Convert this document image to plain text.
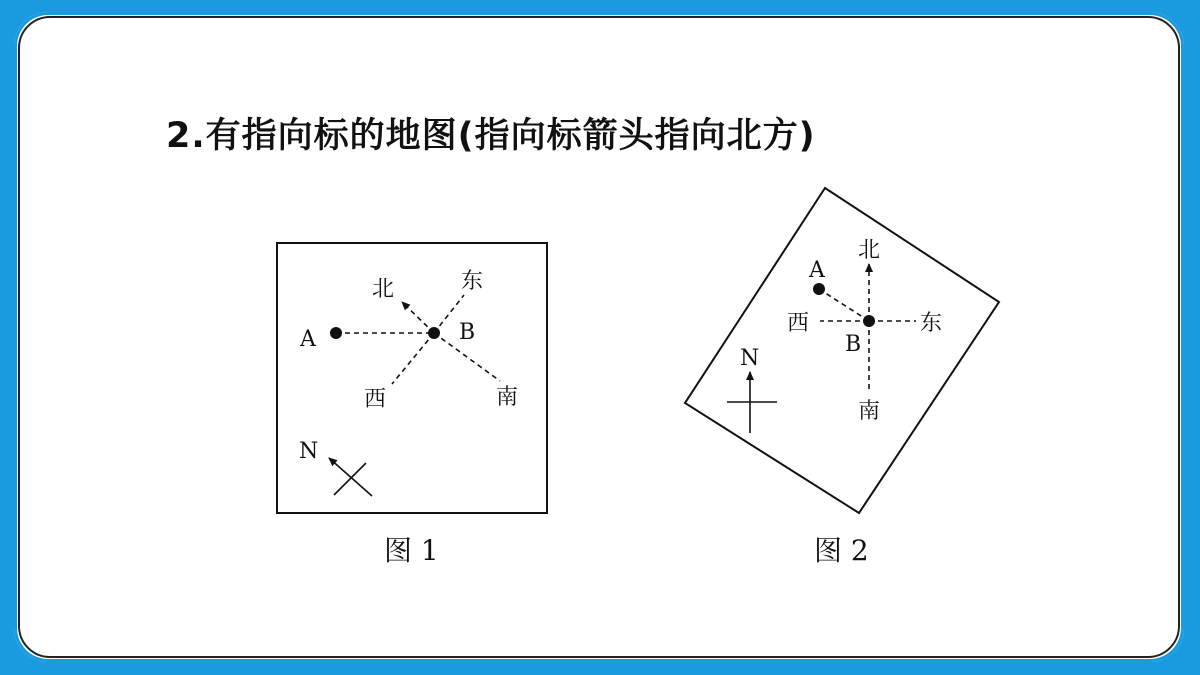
2.有指向标的地图(指向标箭头指向北方)
A	B
北	东
西	南
N
图 1
A
B
北
东
西
南
N
图 2
